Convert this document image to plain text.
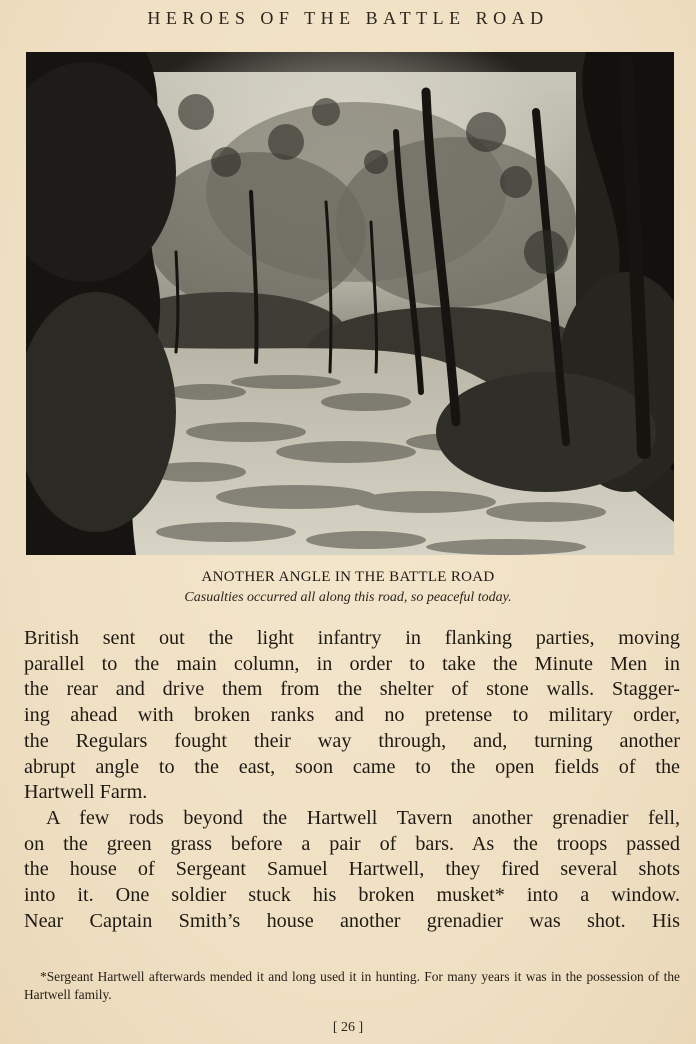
HEROES OF THE BATTLE ROAD
ANOTHER ANGLE IN THE BATTLE ROAD
Casualties occurred all along this road, so peaceful today.

British sent out the light infantry in flanking parties, moving

parallel to the main column, in order to take the Minute Men in

the rear and drive them from the shelter of stone walls. Stagger-

ing ahead with broken ranks and no pretense to military order,

the Regulars fought their way through, and, turning another

abrupt angle to the east, soon came to the open fields of the

Hartwell Farm.

A few rods beyond the Hartwell Tavern another grenadier fell,

on the green grass before a pair of bars. As the troops passed

the house of Sergeant Samuel Hartwell, they fired several shots

into it. One soldier stuck his broken musket* into a window.

Near Captain Smith’s house another grenadier was shot. His

*Sergeant Hartwell afterwards mended it and long used it in hunting. For many years it was in the possession of the Hartwell family.

[ 26 ]
